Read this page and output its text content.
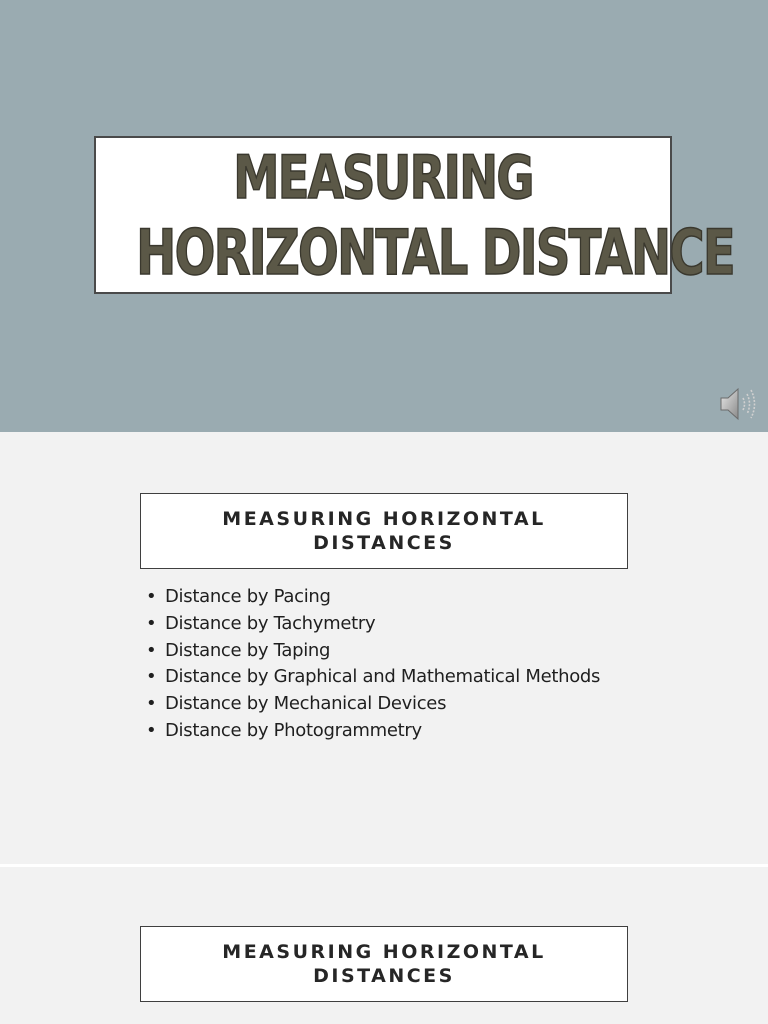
MEASURING
HORIZONTAL DISTANCE
MEASURING HORIZONTAL DISTANCES
• Distance by Pacing
• Distance by Tachymetry
• Distance by Taping
• Distance by Graphical and Mathematical Methods
• Distance by Mechanical Devices
• Distance by Photogrammetry
MEASURING HORIZONTAL DISTANCES
